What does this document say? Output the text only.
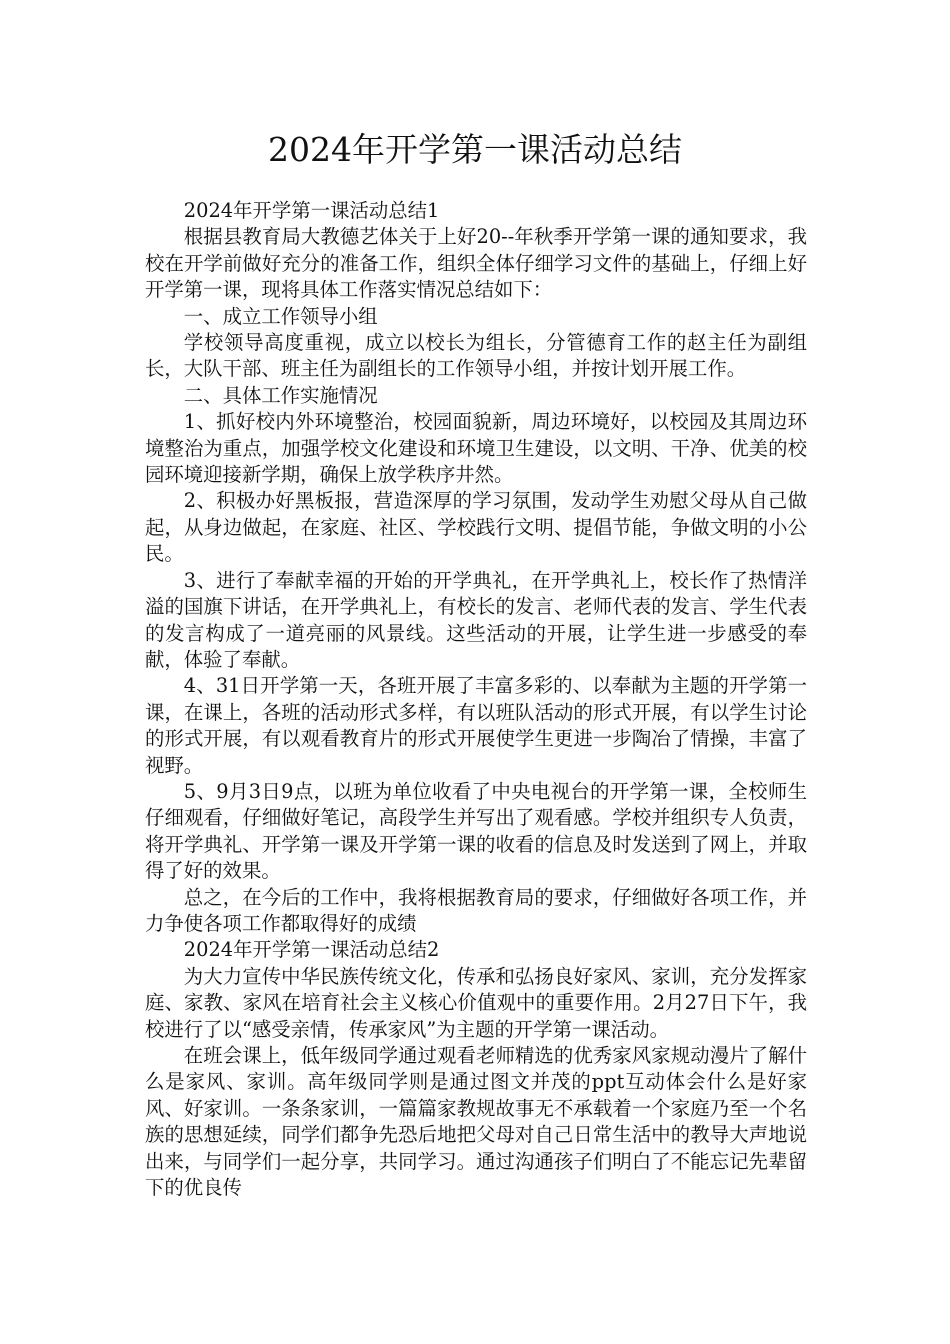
2024年开学第一课活动总结

2024年开学第一课活动总结1

根据县教育局大教德艺体关于上好20--年秋季开学第一课的通知要求，我校在开学前做好充分的准备工作，组织全体仔细学习文件的基础上，仔细上好开学第一课，现将具体工作落实情况总结如下：

一、成立工作领导小组

学校领导高度重视，成立以校长为组长，分管德育工作的赵主任为副组长，大队干部、班主任为副组长的工作领导小组，并按计划开展工作。

二、具体工作实施情况

1、抓好校内外环境整治，校园面貌新，周边环境好，以校园及其周边环境整治为重点，加强学校文化建设和环境卫生建设，以文明、干净、优美的校园环境迎接新学期，确保上放学秩序井然。

2、积极办好黑板报，营造深厚的学习氛围，发动学生劝慰父母从自己做起，从身边做起，在家庭、社区、学校践行文明、提倡节能，争做文明的小公民。

3、进行了奉献幸福的开始的开学典礼，在开学典礼上，校长作了热情洋溢的国旗下讲话，在开学典礼上，有校长的发言、老师代表的发言、学生代表的发言构成了一道亮丽的风景线。这些活动的开展，让学生进一步感受的奉献，体验了奉献。

4、31日开学第一天，各班开展了丰富多彩的、以奉献为主题的开学第一课，在课上，各班的活动形式多样，有以班队活动的形式开展，有以学生讨论的形式开展，有以观看教育片的形式开展使学生更进一步陶冶了情操，丰富了视野。

5、9月3日9点，以班为单位收看了中央电视台的开学第一课，全校师生仔细观看，仔细做好笔记，高段学生并写出了观看感。学校并组织专人负责，将开学典礼、开学第一课及开学第一课的收看的信息及时发送到了网上，并取得了好的效果。

总之，在今后的工作中，我将根据教育局的要求，仔细做好各项工作，并力争使各项工作都取得好的成绩

2024年开学第一课活动总结2

为大力宣传中华民族传统文化，传承和弘扬良好家风、家训，充分发挥家庭、家教、家风在培育社会主义核心价值观中的重要作用。2月27日下午，我校进行了以“感受亲情，传承家风”为主题的开学第一课活动。

在班会课上，低年级同学通过观看老师精选的优秀家风家规动漫片了解什么是家风、家训。高年级同学则是通过图文并茂的ppt互动体会什么是好家风、好家训。一条条家训，一篇篇家教规故事无不承载着一个家庭乃至一个名族的思想延续，同学们都争先恐后地把父母对自己日常生活中的教导大声地说出来，与同学们一起分享，共同学习。通过沟通孩子们明白了不能忘记先辈留下的优良传
